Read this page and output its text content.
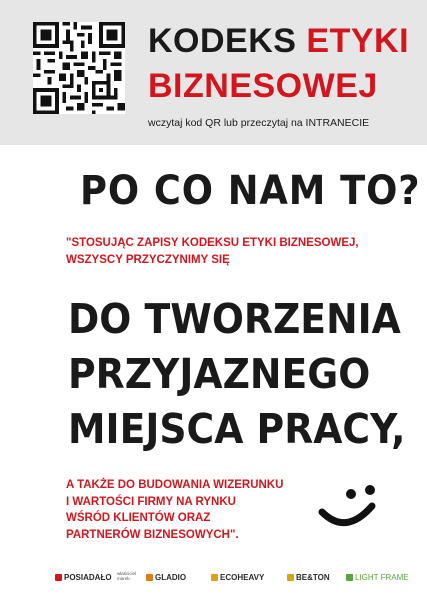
KODEKS ETYKI
BIZNESOWEJ
wczytaj kod QR lub przeczytaj na INTRANECIE
PO CO NAM TO?
"STOSUJĄC ZAPISY KODEKSU ETYKI BIZNESOWEJ,
WSZYSCY PRZYCZYNIMY SIĘ
DO TWORZENIA
PRZYJAZNEGO
MIEJSCA PRACY,
A TAKŻE DO BUDOWANIA WIZERUNKU
I WARTOŚCI FIRMY NA RYNKU
WŚRÓD KLIENTÓW ORAZ
PARTNERÓW BIZNESOWYCH".
POSIADAŁO właściciel
marek:	GLADIO	ECOHEAVY	BE&TON	LIGHT FRAME
